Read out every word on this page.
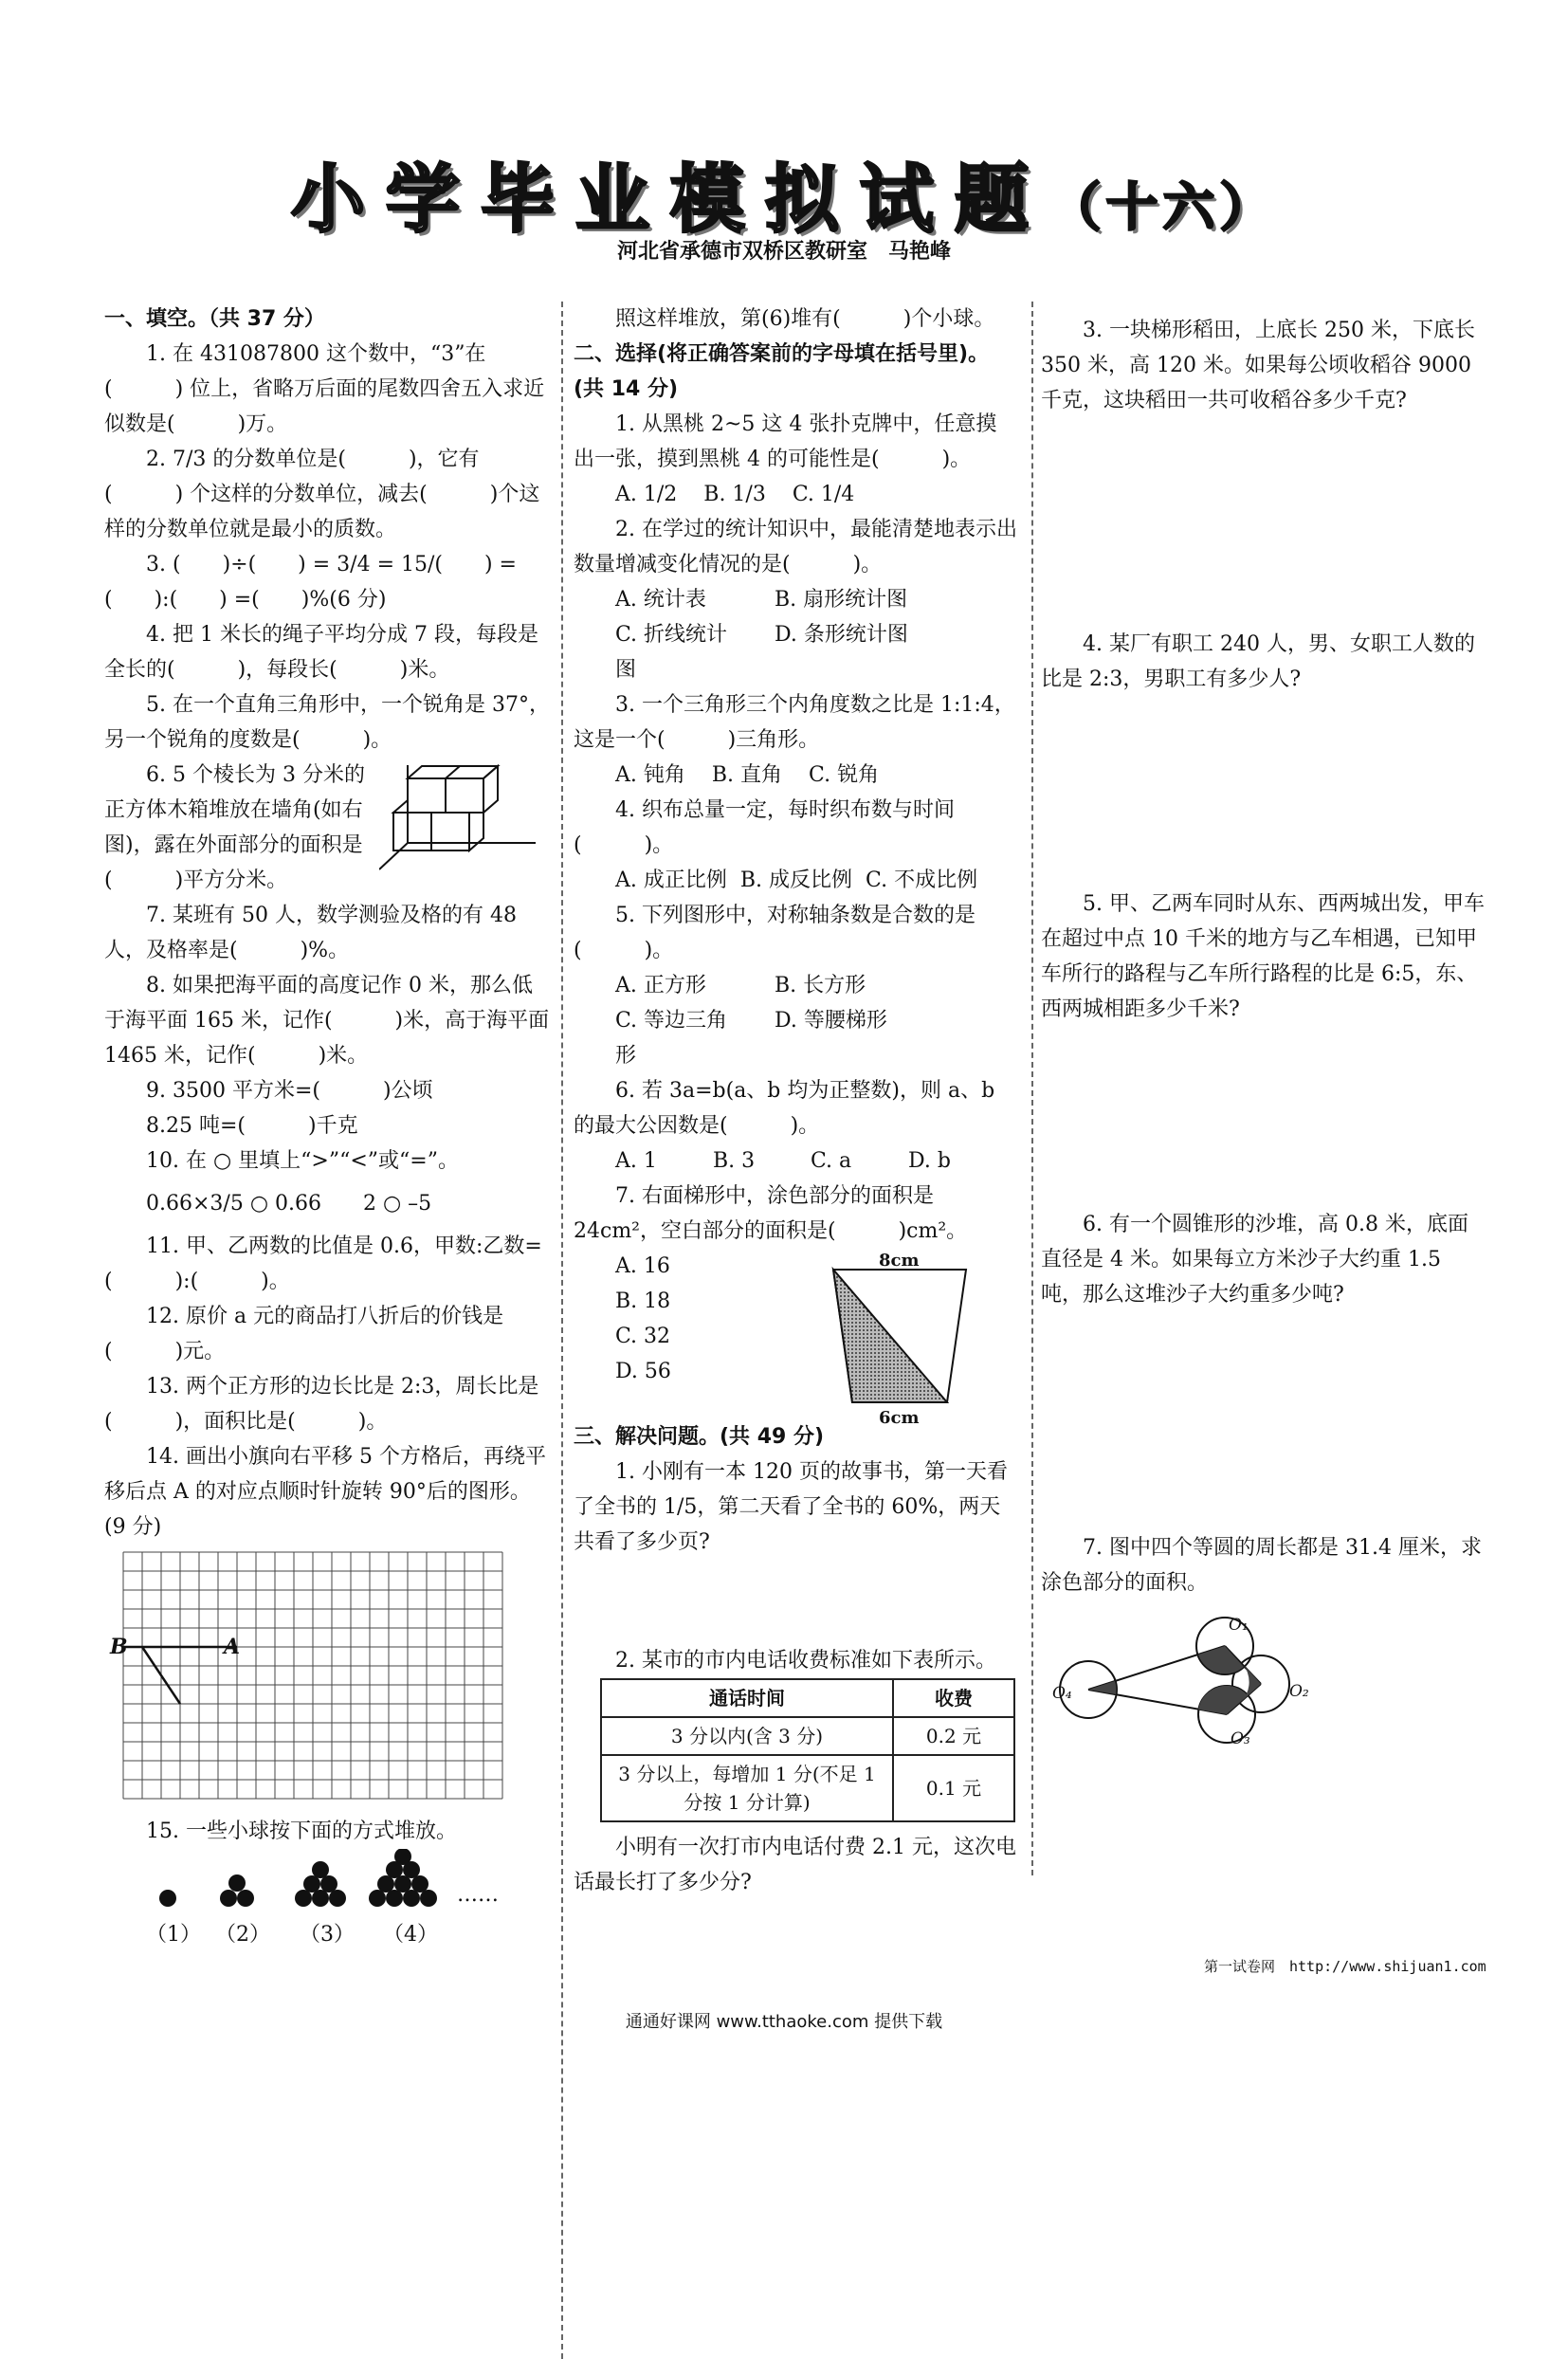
小学毕业模拟试题（十六）
河北省承德市双桥区教研室　马艳峰
一、填空。（共 37 分）
1. 在 431087800 这个数中，“3”在(　　　) 位上，省略万后面的尾数四舍五入求近似数是(　　　)万。
2. 7/3 的分数单位是(　　　)，它有(　　　) 个这样的分数单位，减去(　　　)个这样的分数单位就是最小的质数。
3. (　　)÷(　　) = 3/4 = 15/(　　) = (　　):(　　) =(　　)%(6 分)
4. 把 1 米长的绳子平均分成 7 段，每段是全长的(　　　)，每段长(　　　)米。
5. 在一个直角三角形中，一个锐角是 37°，另一个锐角的度数是(　　　)。
6. 5 个棱长为 3 分米的正方体木箱堆放在墙角(如右图)，露在外面部分的面积是(　　　)平方分米。
7. 某班有 50 人，数学测验及格的有 48 人，及格率是(　　　)%。
8. 如果把海平面的高度记作 0 米，那么低于海平面 165 米，记作(　　　)米，高于海平面 1465 米，记作(　　　)米。
9. 3500 平方米=(　　　)公顷
8.25 吨=(　　　)千克
10. 在 ○ 里填上“>”“<”或“=”。
0.66×3/5 ○ 0.66　　2 ○ –5
11. 甲、乙两数的比值是 0.6，甲数:乙数=(　　　):(　　　)。
12. 原价 a 元的商品打八折后的价钱是(　　　)元。
13. 两个正方形的边长比是 2:3，周长比是(　　　)，面积比是(　　　)。
14. 画出小旗向右平移 5 个方格后，再绕平移后点 A 的对应点顺时针旋转 90°后的图形。(9 分)
B	A
15. 一些小球按下面的方式堆放。
……
（1） （2） （3） （4）
照这样堆放，第(6)堆有(　　　)个小球。
二、选择(将正确答案前的字母填在括号里)。(共 14 分)
1. 从黑桃 2~5 这 4 张扑克牌中，任意摸出一张，摸到黑桃 4 的可能性是(　　　)。
A. 1/2 B. 1/3 C. 1/4
2. 在学过的统计知识中，最能清楚地表示出数量增减变化情况的是(　　　)。
A. 统计表	B. 扇形统计图
C. 折线统计图
D. 条形统计图
3. 一个三角形三个内角度数之比是 1:1:4，这是一个(　　　)三角形。
A. 钝角 B. 直角 C. 锐角
4. 织布总量一定，每时织布数与时间(　　　)。
A. 成正比例 B. 成反比例 C. 不成比例
5. 下列图形中，对称轴条数是合数的是(　　　)。
A. 正方形	B. 长方形
C. 等边三角形
D. 等腰梯形
6. 若 3a=b(a、b 均为正整数)，则 a、b 的最大公因数是(　　　)。
A. 1	B. 3	C. a	D. b
7. 右面梯形中，涂色部分的面积是 24cm²，空白部分的面积是(　　　)cm²。
A. 16
B. 18
C. 32
D. 56
8cm
6cm
三、解决问题。(共 49 分)
1. 小刚有一本 120 页的故事书，第一天看了全书的 1/5，第二天看了全书的 60%，两天共看了多少页?
2. 某市的市内电话收费标准如下表所示。
通话时间	收费
3 分以内(含 3 分)	0.2 元
3 分以上，每增加 1 分(不足 1 分按 1 分计算)	0.1 元
小明有一次打市内电话付费 2.1 元，这次电话最长打了多少分?
3. 一块梯形稻田，上底长 250 米，下底长 350 米，高 120 米。如果每公顷收稻谷 9000 千克，这块稻田一共可收稻谷多少千克?
4. 某厂有职工 240 人，男、女职工人数的比是 2:3，男职工有多少人?
5. 甲、乙两车同时从东、西两城出发，甲车在超过中点 10 千米的地方与乙车相遇，已知甲车所行的路程与乙车所行路程的比是 6:5，东、西两城相距多少千米?
6. 有一个圆锥形的沙堆，高 0.8 米，底面直径是 4 米。如果每立方米沙子大约重 1.5 吨，那么这堆沙子大约重多少吨?
7. 图中四个等圆的周长都是 31.4 厘米，求涂色部分的面积。
O₁
O₂
O₃
O₄
第一试卷网　http://www.shijuan1.com
通通好课网 www.tthaoke.com 提供下载
